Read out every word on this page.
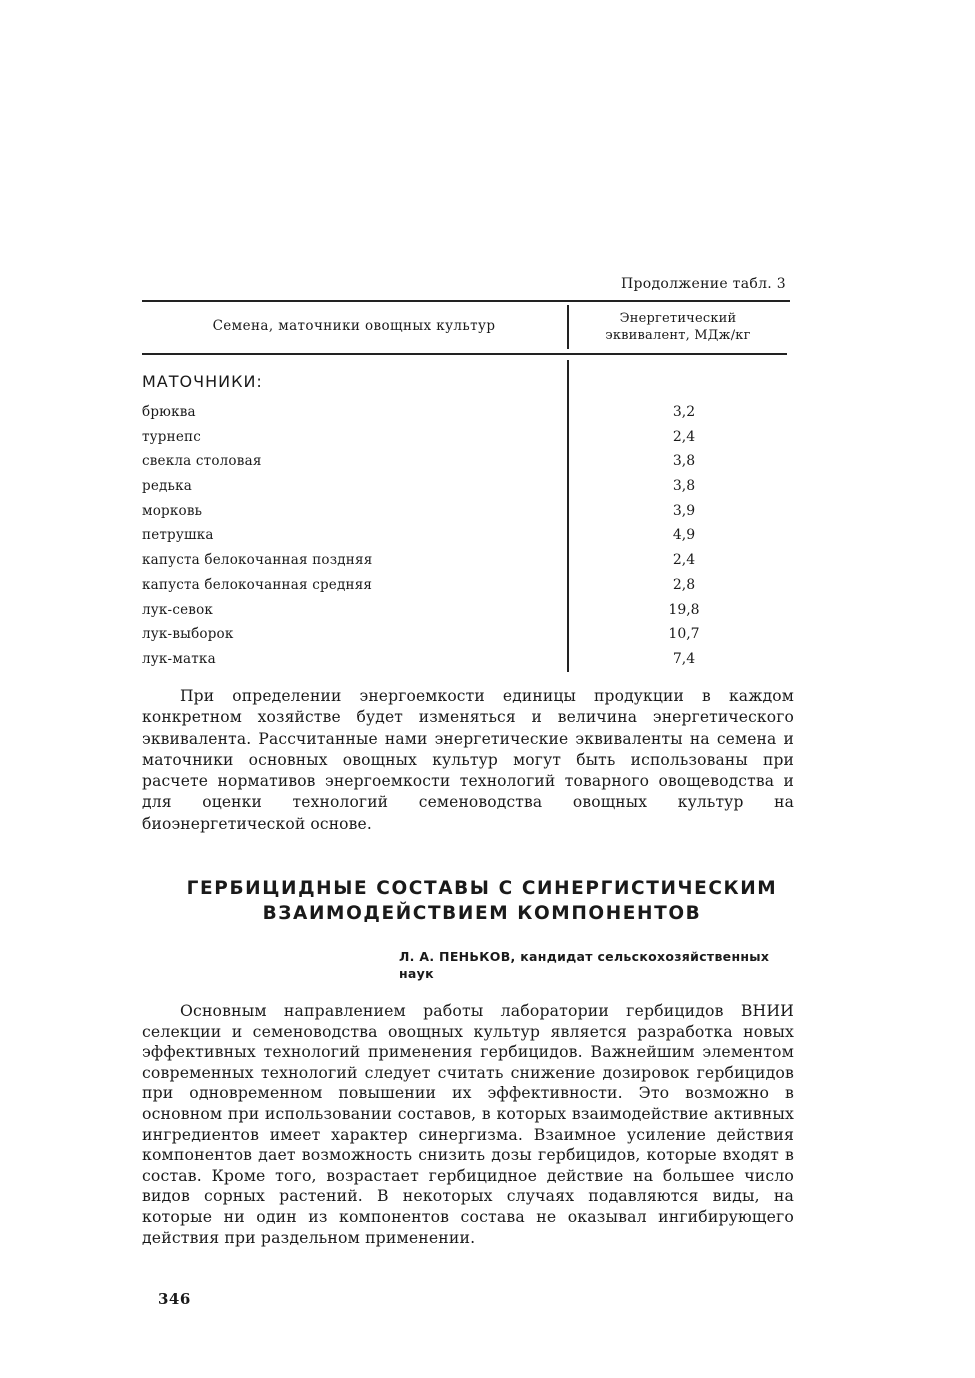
Продолжение табл. 3
Семена, маточники овощных культур	Энергетический
эквивалент, МДж/кг
МАТОЧНИКИ:
брюква	3,2
турнепс	2,4
свекла столовая	3,8
редька	3,8
морковь	3,9
петрушка	4,9
капуста белокочанная поздняя	2,4
капуста белокочанная средняя	2,8
лук-севок	19,8
лук-выборок	10,7
лук-матка	7,4

При определении энергоемкости единицы продукции в каждом конкретном хозяйстве будет изменяться и величина энергетического эквивалента. Рассчитанные нами энергетические эквиваленты на семена и маточники основных овощных культур могут быть использованы при расчете нормативов энергоемкости технологий товарного овощеводства и для оценки технологий семеноводства овощных культур на биоэнергетической основе.

ГЕРБИЦИДНЫЕ СОСТАВЫ С СИНЕРГИСТИЧЕСКИМ
ВЗАИМОДЕЙСТВИЕМ КОМПОНЕНТОВ

Л. А. ПЕНЬКОВ, кандидат сельскохозяйственных наук

Основным направлением работы лаборатории гербицидов ВНИИ селекции и семеноводства овощных культур является разработка новых эффективных технологий применения гербицидов. Важнейшим элементом современных технологий следует считать снижение дозировок гербицидов при одновременном повышении их эффективности. Это возможно в основном при использовании составов, в которых взаимодействие активных ингредиентов имеет характер синергизма. Взаимное усиление действия компонентов дает возможность снизить дозы гербицидов, которые входят в состав. Кроме того, возрастает гербицидное действие на большее число видов сорных растений. В некоторых случаях подавляются виды, на которые ни один из компонентов состава не оказывал ингибирующего действия при раздельном применении.

346
